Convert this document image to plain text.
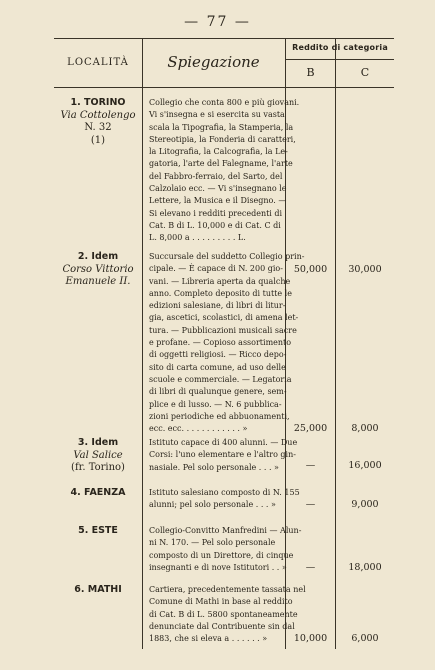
— 77 —
LOCALITÀ	Spiegazione
Reddito di categoria
B	C
1. TORINO
Via Cottolengo
N. 32
(1)
Collegio che conta 800 e più giovani.
Vi s'insegna e si esercita su vasta
scala la Tipografia, la Stamperia, la
Stereotipia, la Fonderia di caratteri,
la Litografia, la Calcografia, la Le-
gatoria, l'arte del Falegname, l'arte
del Fabbro-ferraio, del Sarto, del
Calzolaio ecc. — Vi s'insegnano le
Lettere, la Musica e il Disegno. —
Si elevano i redditi precedenti di
Cat. B di L. 10,000 e di Cat. C di
L. 8,000 a . . . . . . . . . L.
50,000	30,000
2. Idem
Corso Vittorio
Emanuele II.
Succursale del suddetto Collegio prin-
cipale. — È capace di N. 200 gio-
vani. — Libreria aperta da qualche
anno. Completo deposito di tutte le
edizioni salesiane, di libri di litur-
gia, ascetici, scolastici, di amena let-
tura. — Pubblicazioni musicali sacre
e profane. — Copioso assortimento
di oggetti religiosi. — Ricco depo-
sito di carta comune, ad uso delle
scuole e commerciale. — Legatoria
di libri di qualunque genere, sem-
plice e di lusso. — N. 6 pubblica-
zioni periodiche ed abbuonamenti,
ecc. ecc. . . . . . . . . . . . »	25,000	8,000
3. Idem
Val Salice
(fr. Torino)
Istituto capace di 400 alunni. — Due
Corsi: l'uno elementare e l'altro gin-
nasiale. Pel solo personale . . . »	—	16,000
4. FAENZA	Istituto salesiano composto di N. 155
alunni; pel solo personale . . . »	—	9,000
5. ESTE	Collegio-Convitto Manfredini — Alun-
ni N. 170. — Pel solo personale
composto di un Direttore, di cinque
insegnanti e di nove Istitutori . . »	—	18,000
6. MATHI	Cartiera, precedentemente tassata nel
Comune di Mathi in base al reddito
di Cat. B di L. 5800 spontaneamente
denunciate dal Contribuente sin dal
1883, che si eleva a . . . . . . »	10,000	6,000
